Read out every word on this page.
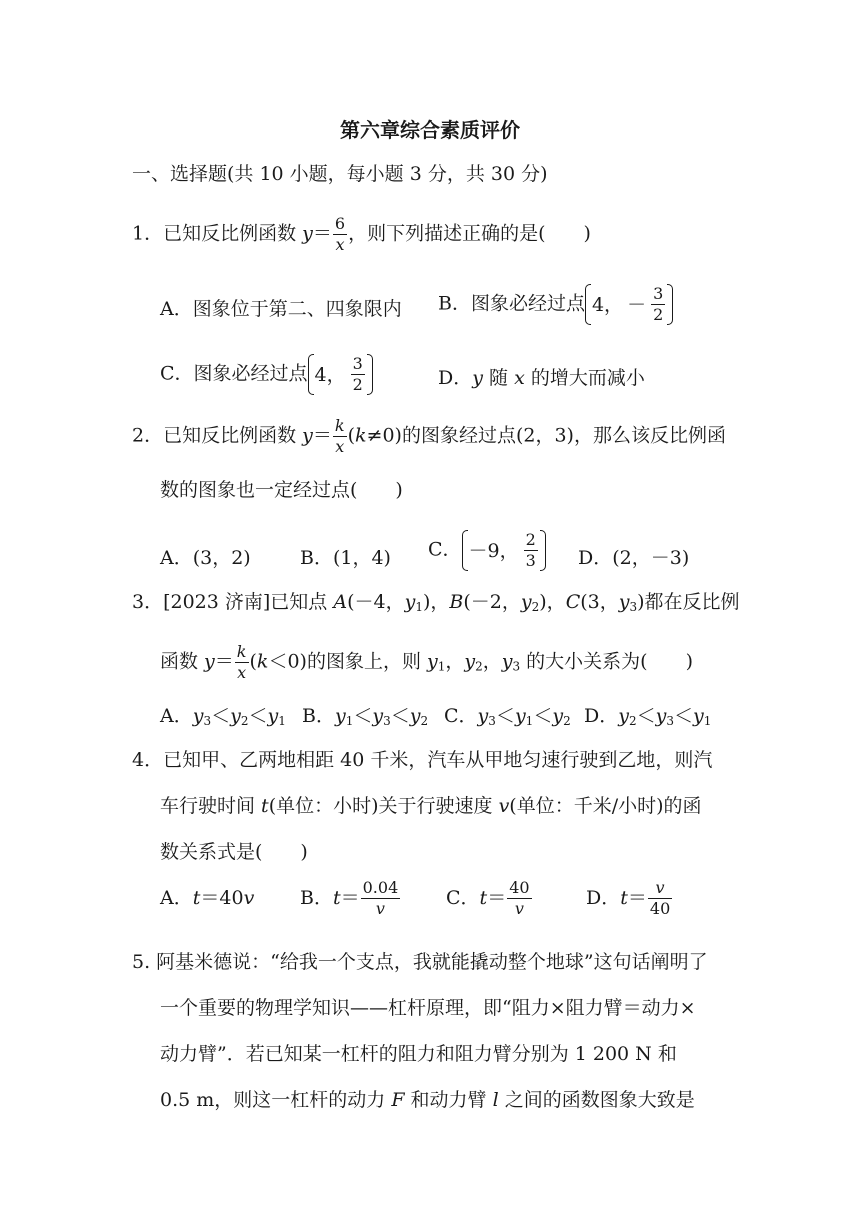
第六章综合素质评价
一、选择题(共 10 小题，每小题 3 分，共 30 分)
1．已知反比例函数 $y= \frac{6}{x}$ ，则下列描述正确的是(　　)
A．图象位于第二、四象限内 B．图象必经过点 4， － $\frac{3}{2}$
C．图象必经过点 4， $\frac{3}{2}$	D．y 随 x 的增大而减小
2．已知反比例函数 $y= \frac{k}{x} (k\ne 0)$的图象经过点(2，3)，那么该反比例函
数的图象也一定经过点(　　)
A．(3，2)	B．(1，4) C． －9， $\frac{2}{3}$ D．(2，－3)
3．[2023 济南]已知点 A(－4，$y_1$)，B(－2，$y_2$)，C(3，$y_3$)都在反比例
函数 $y= \frac{k}{x} (k<0)$的图象上，则 $y_1$，$y_2$，$y_3$ 的大小关系为(　　)
A．$y_3<y_2<y_1$ B．$y_1<y_3<y_2$ C．$y_3<y_1<y_2$ D．$y_2<y_3<y_1$
4．已知甲、乙两地相距 40 千米，汽车从甲地匀速行驶到乙地，则汽
车行驶时间 t(单位：小时)关于行驶速度 v(单位：千米/小时)的函
数关系式是(　　)
A． t ＝ 40 v B． $t = \frac{0.04}{v}$ C． $t = \frac{40}{v}$	D． $t = \frac{v}{40}$
5. 阿基米德说：“给我一个支点，我就能撬动整个地球”这句话阐明了
一个重要的物理学知识——杠杆原理，即“阻力×阻力臂＝动力×
动力臂”．若已知某一杠杆的阻力和阻力臂分别为 1 200 N 和
0.5 m，则这一杠杆的动力 F 和动力臂 l 之间的函数图象大致是
